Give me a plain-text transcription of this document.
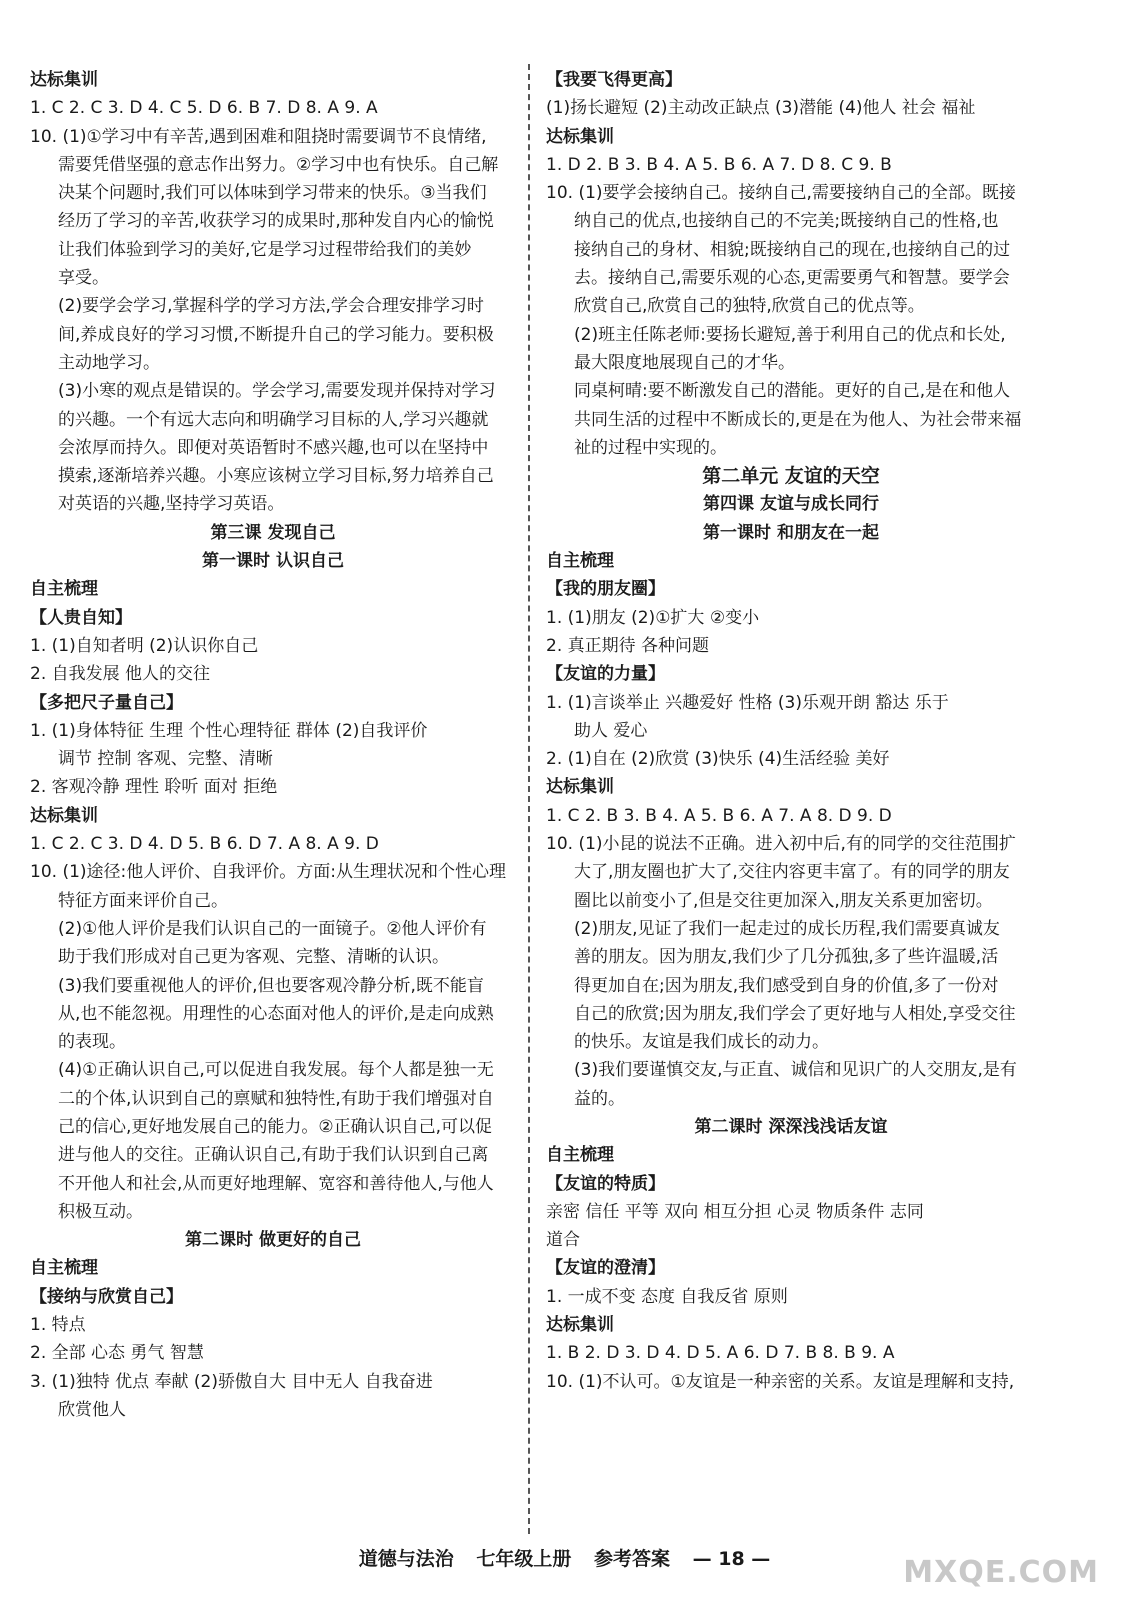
达标集训
1. C 2. C 3. D 4. C 5. D 6. B 7. D 8. A 9. A
10. (1)①学习中有辛苦,遇到困难和阻挠时需要调节不良情绪,
需要凭借坚强的意志作出努力。②学习中也有快乐。自己解
决某个问题时,我们可以体味到学习带来的快乐。③当我们
经历了学习的辛苦,收获学习的成果时,那种发自内心的愉悦
让我们体验到学习的美好,它是学习过程带给我们的美妙
享受。
(2)要学会学习,掌握科学的学习方法,学会合理安排学习时
间,养成良好的学习习惯,不断提升自己的学习能力。要积极
主动地学习。
(3)小寒的观点是错误的。学会学习,需要发现并保持对学习
的兴趣。一个有远大志向和明确学习目标的人,学习兴趣就
会浓厚而持久。即便对英语暂时不感兴趣,也可以在坚持中
摸索,逐渐培养兴趣。小寒应该树立学习目标,努力培养自己
对英语的兴趣,坚持学习英语。
第三课 发现自己
第一课时 认识自己
自主梳理
【人贵自知】
1. (1)自知者明 (2)认识你自己
2. 自我发展 他人的交往
【多把尺子量自己】
1. (1)身体特征 生理 个性心理特征 群体 (2)自我评价
调节 控制 客观、完整、清晰
2. 客观冷静 理性 聆听 面对 拒绝
达标集训
1. C 2. C 3. D 4. D 5. B 6. D 7. A 8. A 9. D
10. (1)途径:他人评价、自我评价。方面:从生理状况和个性心理
特征方面来评价自己。
(2)①他人评价是我们认识自己的一面镜子。②他人评价有
助于我们形成对自己更为客观、完整、清晰的认识。
(3)我们要重视他人的评价,但也要客观冷静分析,既不能盲
从,也不能忽视。用理性的心态面对他人的评价,是走向成熟
的表现。
(4)①正确认识自己,可以促进自我发展。每个人都是独一无
二的个体,认识到自己的禀赋和独特性,有助于我们增强对自
己的信心,更好地发展自己的能力。②正确认识自己,可以促
进与他人的交往。正确认识自己,有助于我们认识到自己离
不开他人和社会,从而更好地理解、宽容和善待他人,与他人
积极互动。
第二课时 做更好的自己
自主梳理
【接纳与欣赏自己】
1. 特点
2. 全部 心态 勇气 智慧
3. (1)独特 优点 奉献 (2)骄傲自大 目中无人 自我奋进
欣赏他人
【我要飞得更高】
(1)扬长避短 (2)主动改正缺点 (3)潜能 (4)他人 社会 福祉
达标集训
1. D 2. B 3. B 4. A 5. B 6. A 7. D 8. C 9. B
10. (1)要学会接纳自己。接纳自己,需要接纳自己的全部。既接
纳自己的优点,也接纳自己的不完美;既接纳自己的性格,也
接纳自己的身材、相貌;既接纳自己的现在,也接纳自己的过
去。接纳自己,需要乐观的心态,更需要勇气和智慧。要学会
欣赏自己,欣赏自己的独特,欣赏自己的优点等。
(2)班主任陈老师:要扬长避短,善于利用自己的优点和长处,
最大限度地展现自己的才华。
同桌柯晴:要不断激发自己的潜能。更好的自己,是在和他人
共同生活的过程中不断成长的,更是在为他人、为社会带来福
祉的过程中实现的。
第二单元 友谊的天空
第四课 友谊与成长同行
第一课时 和朋友在一起
自主梳理
【我的朋友圈】
1. (1)朋友 (2)①扩大 ②变小
2. 真正期待 各种问题
【友谊的力量】
1. (1)言谈举止 兴趣爱好 性格 (3)乐观开朗 豁达 乐于
助人 爱心
2. (1)自在 (2)欣赏 (3)快乐 (4)生活经验 美好
达标集训
1. C 2. B 3. B 4. A 5. B 6. A 7. A 8. D 9. D
10. (1)小昆的说法不正确。进入初中后,有的同学的交往范围扩
大了,朋友圈也扩大了,交往内容更丰富了。有的同学的朋友
圈比以前变小了,但是交往更加深入,朋友关系更加密切。
(2)朋友,见证了我们一起走过的成长历程,我们需要真诚友
善的朋友。因为朋友,我们少了几分孤独,多了些许温暖,活
得更加自在;因为朋友,我们感受到自身的价值,多了一份对
自己的欣赏;因为朋友,我们学会了更好地与人相处,享受交往
的快乐。友谊是我们成长的动力。
(3)我们要谨慎交友,与正直、诚信和见识广的人交朋友,是有
益的。
第二课时 深深浅浅话友谊
自主梳理
【友谊的特质】
亲密 信任 平等 双向 相互分担 心灵 物质条件 志同
道合
【友谊的澄清】
1. 一成不变 态度 自我反省 原则
达标集训
1. B 2. D 3. D 4. D 5. A 6. D 7. B 8. B 9. A
10. (1)不认可。①友谊是一种亲密的关系。友谊是理解和支持,
道德与法治 七年级上册 参考答案 — 18 —	MXQE.COM
